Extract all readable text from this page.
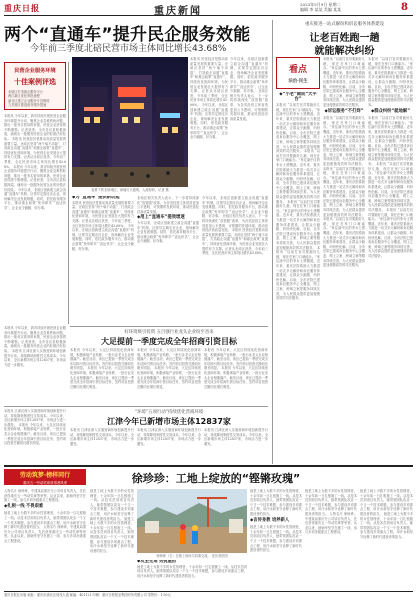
重庆日报	重庆新闻
2023年5月9日 星期二
编辑 李 某某 美编 某某	8
两个“直通车”提升民企服务效能
今年前三季度北碚民营市场主体同比增长43.68%
民营企业服务环境
十佳案例评选
北碚区打造惠企服务平台
两江新区优化审批流程
渝北区建立企业服务专员制度
九龙坡区推进政务服务提速
本报讯 今年以来，我市持续开展民营企业服务环境提升行动，聚焦企业急难愁盼问题，推出一批务实管用的举措，民营企业获得感不断增强。记者获悉，全市各区县积极探索，涌现出一批服务民营企业的好做法好经验。 本报讯 民营经济是推动高质量发展的重要力量。北碚区坚持“两个毫不动摇”，打造政企沟通“直通车”和惠企政策“直通车”，持续优化营商环境，为民营企业发展壮大提供有力支撑。记者从北碚区获悉，今年前三季度，全区民营市场主体同比增长43.68%。 本报讯 今年以来，我市持续开展民营企业服务环境提升行动，聚焦企业急难愁盼问题，推出一批务实管用的举措，民营企业获得感不断增强。记者获悉，全市各区县积极探索，涌现出一批服务民营企业的好做法好经验。 今年以来，北碚区创新建立政企沟通“直通车”机制，区领导定期走访企业，现场解决企业发展难题。同时，依托政务服务平台，推动惠企政策“免申即享”“直达快享”，让企业少跑腿、好办事。
夜幕下的北碚城区，商铺灯火通明，人流如织。记者 摄
本报讯 民营经济是推动高质量发展的重要力量。北碚区坚持“两个毫不动摇”，打造政企沟通“直通车”和惠企政策“直通车”，持续优化营商环境，为民营企业发展壮大提供有力支撑。记者从北碚区获悉，今年前三季度，全区民营市场主体同比增长43.68%。 今年以来，北碚区创新建立政企沟通“直通车”机制，区领导定期走访企业，现场解决企业发展难题。同时，依托政务服务平台，推动惠企政策“免申即享”“直达快享”，让企业少跑腿、好办事。
今年以来，北碚区创新建立政企沟通“直通车”机制，区领导定期走访企业，现场解决企业发展难题。同时，依托政务服务平台，推动惠企政策“免申即享”“直达快享”，让企业少跑腿、好办事。 北碚区相关负责人表示，下一步将持续深化“放管服”改革，为各类经营主体营造更加公平透明、可预期的发展环境，推动民营经济高质量发展。
◆为“直通车”提供新动能
本报讯 民营经济是推动高质量发展的重要力量。北碚区坚持“两个毫不动摇”，打造政企沟通“直通车”和惠企政策“直通车”，持续优化营商环境，为民营企业发展壮大提供有力支撑。记者从北碚区获悉，今年前三季度，全区民营市场主体同比增长43.68%。 今年以来，北碚区创新建立政企沟通“直通车”机制，区领导定期走访企业，现场解决企业发展难题。同时，依托政务服务平台，推动惠企政策“免申即享”“直达快享”，让企业少跑腿、好办事。
北碚区相关负责人表示，下一步将持续深化“放管服”改革，为各类经营主体营造更加公平透明、可预期的发展环境，推动民营经济高质量发展。
◆用上“直通车”提效增速
今年以来，北碚区创新建立政企沟通“直通车”机制，区领导定期走访企业，现场解决企业发展难题。同时，依托政务服务平台，推动惠企政策“免申即享”“直达快享”，让企业少跑腿、好办事。
今年以来，北碚区创新建立政企沟通“直通车”机制，区领导定期走访企业，现场解决企业发展难题。同时，依托政务服务平台，推动惠企政策“免申即享”“直达快享”，让企业少跑腿、好办事。 北碚区相关负责人表示，下一步将持续深化“放管服”改革，为各类经营主体营造更加公平透明、可预期的发展环境，推动民营经济高质量发展。 本报讯 民营经济是推动高质量发展的重要力量。北碚区坚持“两个毫不动摇”，打造政企沟通“直通车”和惠企政策“直通车”，持续优化营商环境，为民营企业发展壮大提供有力支撑。记者从北碚区获悉，今年前三季度，全区民营市场主体同比增长43.68%。
好环境吸引投资 五百强行业龙头企业纷至沓来
大足提前一季度完成全年招商引资目标
本报讯 今年以来，大足区持续优化营商环境，积极承接产业转移，一批行业龙头企业相继落户。截至目前，该区已提前一季度完成全年招商引资目标任务，签约项目投资总额同比增长明显。 本报讯 今年以来，大足区持续优化营商环境，积极承接产业转移，一批行业龙头企业相继落户。截至目前，该区已提前一季度完成全年招商引资目标任务，签约项目投资总额同比增长明显。
本报讯 今年以来，大足区持续优化营商环境，积极承接产业转移，一批行业龙头企业相继落户。截至目前，该区已提前一季度完成全年招商引资目标任务，签约项目投资总额同比增长明显。 本报讯 今年以来，大足区持续优化营商环境，积极承接产业转移，一批行业龙头企业相继落户。截至目前，该区已提前一季度完成全年招商引资目标任务，签约项目投资总额同比增长明显。
本报讯 今年以来，大足区持续优化营商环境，积极承接产业转移，一批行业龙头企业相继落户。截至目前，该区已提前一季度完成全年招商引资目标任务，签约项目投资总额同比增长明显。 本报讯 今年以来，大足区持续优化营商环境，积极承接产业转移，一批行业龙头企业相继落户。截至目前，该区已提前一季度完成全年招商引资目标任务，签约项目投资总额同比增长明显。
本报讯 今年以来，我市持续开展民营企业服务环境提升行动，聚焦企业急难愁盼问题，推出一批务实管用的举措，民营企业获得感不断增强。记者获悉，全市各区县积极探索，涌现出一批服务民营企业的好做法好经验。 本报讯 江津区深入实施营商环境创新提升行动，持续降低制度性交易成本。今年以来，全区新增市场主体12837家，市场活力进一步激发。
“环境”五项行动”持续优化营商环境
江津今年已新增市场主体12837家
本报讯 江津区深入实施营商环境创新提升行动，持续降低制度性交易成本。今年以来，全区新增市场主体12837家，市场活力进一步激发。
本报讯 江津区深入实施营商环境创新提升行动，持续降低制度性交易成本。今年以来，全区新增市场主体12837家，市场活力进一步激发。
本报讯 江津区深入实施营商环境创新提升行动，持续降低制度性交易成本。今年以来，全区新增市场主体12837家，市场活力进一步激发。
本报讯 江津区深入实施营商环境创新提升行动，持续降低制度性交易成本。今年以来，全区新增市场主体12837家，市场活力进一步激发。 本报讯 今年以来，大足区持续优化营商环境，积极承接产业转移，一批行业龙头企业相继落户。截至目前，该区已提前一季度完成全年招商引资目标任务，签约项目投资总额同比增长明显。
重庆推进一站式解纷和诉讼服务体系建设
让老百姓跑一趟
就能解决纠纷
看点
法治·民生
本报讯 “以前打官司要跑好几趟，现在在家门口就能办。”家住渝中区的李女士感慨道。近年来，重庆法院系统大力推进一站式多元解纷和诉讼服务体系建设，让群众少跑腿、纠纷快化解。目前，全市法院已建成诉讼服务中心全覆盖，网上立案、跨域立案等服务持续完善，为人民群众提供更加便捷高效的司法服务。
◆诉讼服务“不打烊”
本报讯 “以前打官司要跑好几趟，现在在家门口就能办。”家住渝中区的李女士感慨道。近年来，重庆法院系统大力推进一站式多元解纷和诉讼服务体系建设，让群众少跑腿、纠纷快化解。目前，全市法院已建成诉讼服务中心全覆盖，网上立案、跨域立案等服务持续完善，为人民群众提供更加便捷高效的司法服务。 本报讯 “以前打官司要跑好几趟，现在在家门口就能办。”家住渝中区的李女士感慨道。近年来，重庆法院系统大力推进一站式多元解纷和诉讼服务体系建设，让群众少跑腿、纠纷快化解。目前，全市法院已建成诉讼服务中心全覆盖，网上立案、跨域立案等服务持续完善，为人民群众提供更加便捷高效的司法服务。 本报讯 “以前打官司要跑好几趟，现在在家门口就能办。”家住渝中区的李女士感慨道。近年来，重庆法院系统大力推进一站式多元解纷和诉讼服务体系建设，让群众少跑腿、纠纷快化解。目前，全市法院已建成诉讼服务中心全覆盖，网上立案、跨域立案等服务持续完善，为人民群众提供更加便捷高效的司法服务。
本报讯 “以前打官司要跑好几趟，现在在家门口就能办。”家住渝中区的李女士感慨道。近年来，重庆法院系统大力推进一站式多元解纷和诉讼服务体系建设，让群众少跑腿、纠纷快化解。目前，全市法院已建成诉讼服务中心全覆盖，网上立案、跨域立案等服务持续完善，为人民群众提供更加便捷高效的司法服务。
◆群众纠纷“就地解”
本报讯 “以前打官司要跑好几趟，现在在家门口就能办。”家住渝中区的李女士感慨道。近年来，重庆法院系统大力推进一站式多元解纷和诉讼服务体系建设，让群众少跑腿、纠纷快化解。目前，全市法院已建成诉讼服务中心全覆盖，网上立案、跨域立案等服务持续完善，为人民群众提供更加便捷高效的司法服务。 本报讯 “以前打官司要跑好几趟，现在在家门口就能办。”家住渝中区的李女士感慨道。近年来，重庆法院系统大力推进一站式多元解纷和诉讼服务体系建设，让群众少跑腿、纠纷快化解。目前，全市法院已建成诉讼服务中心全覆盖，网上立案、跨域立案等服务持续完善，为人民群众提供更加便捷高效的司法服务。 本报讯 “以前打官司要跑好几趟，现在在家门口就能办。”家住渝中区的李女士感慨道。近年来，重庆法院系统大力推进一站式多元解纷和诉讼服务体系建设，让群众少跑腿、纠纷快化解。目前，全市法院已建成诉讼服务中心全覆盖，网上立案、跨域立案等服务持续完善，为人民群众提供更加便捷高效的司法服务。
◆“小老”做成“大平台”
本报讯 “以前打官司要跑好几趟，现在在家门口就能办。”家住渝中区的李女士感慨道。近年来，重庆法院系统大力推进一站式多元解纷和诉讼服务体系建设，让群众少跑腿、纠纷快化解。目前，全市法院已建成诉讼服务中心全覆盖，网上立案、跨域立案等服务持续完善，为人民群众提供更加便捷高效的司法服务。 本报讯 “以前打官司要跑好几趟，现在在家门口就能办。”家住渝中区的李女士感慨道。近年来，重庆法院系统大力推进一站式多元解纷和诉讼服务体系建设，让群众少跑腿、纠纷快化解。目前，全市法院已建成诉讼服务中心全覆盖，网上立案、跨域立案等服务持续完善，为人民群众提供更加便捷高效的司法服务。 本报讯 “以前打官司要跑好几趟，现在在家门口就能办。”家住渝中区的李女士感慨道。近年来，重庆法院系统大力推进一站式多元解纷和诉讼服务体系建设，让群众少跑腿、纠纷快化解。目前，全市法院已建成诉讼服务中心全覆盖，网上立案、跨域立案等服务持续完善，为人民群众提供更加便捷高效的司法服务。 本报讯 “以前打官司要跑好几趟，现在在家门口就能办。”家住渝中区的李女士感慨道。近年来，重庆法院系统大力推进一站式多元解纷和诉讼服务体系建设，让群众少跑腿、纠纷快化解。目前，全市法院已建成诉讼服务中心全覆盖，网上立案、跨域立案等服务持续完善，为人民群众提供更加便捷高效的司法服务。
劳动筑梦·榜样同行
重庆五一劳动奖章获得者风采	徐珍珍：工地上绽放的“铿锵玫瑰”
人物名片 徐珍珍，中建某局重庆分公司项目负责人，先后获得重庆五一劳动奖章等荣誉。从业以来，她始终坚守在施工一线，参与多项市级重点工程建设。
◆扎根一线 不畏艰难
她是工地上为数不多的女性管理者，十余年如一日扎根施工一线。从技术员到项目负责人，她带领团队攻克一个又一个技术难题，参与建设多项重点工程，用汗水和坚守诠释了新时代建设者的担当。 人物名片 徐珍珍，中建某局重庆分公司项目负责人，先后获得重庆五一劳动奖章等荣誉。从业以来，她始终坚守在施工一线，参与多项市级重点工程建设。
她是工地上为数不多的女性管理者，十余年如一日扎根施工一线。从技术员到项目负责人，她带领团队攻克一个又一个技术难题，参与建设多项重点工程，用汗水和坚守诠释了新时代建设者的担当。 她是工地上为数不多的女性管理者，十余年如一日扎根施工一线。从技术员到项目负责人，她带领团队攻克一个又一个技术难题，参与建设多项重点工程，用汗水和坚守诠释了新时代建设者的担当。
徐珍珍（右）在施工现场与同事交流。 受访者供图
◆攻坚克难 勇挑重担
她是工地上为数不多的女性管理者，十余年如一日扎根施工一线。从技术员到项目负责人，她带领团队攻克一个又一个技术难题，参与建设多项重点工程，用汗水和坚守诠释了新时代建设者的担当。
她是工地上为数不多的女性管理者，十余年如一日扎根施工一线。从技术员到项目负责人，她带领团队攻克一个又一个技术难题，参与建设多项重点工程，用汗水和坚守诠释了新时代建设者的担当。
◆言传身教 培养新人
她是工地上为数不多的女性管理者，十余年如一日扎根施工一线。从技术员到项目负责人，她带领团队攻克一个又一个技术难题，参与建设多项重点工程，用汗水和坚守诠释了新时代建设者的担当。
她是工地上为数不多的女性管理者，十余年如一日扎根施工一线。从技术员到项目负责人，她带领团队攻克一个又一个技术难题，参与建设多项重点工程，用汗水和坚守诠释了新时代建设者的担当。 人物名片 徐珍珍，中建某局重庆分公司项目负责人，先后获得重庆五一劳动奖章等荣誉。从业以来，她始终坚守在施工一线，参与多项市级重点工程建设。
她是工地上为数不多的女性管理者，十余年如一日扎根施工一线。从技术员到项目负责人，她带领团队攻克一个又一个技术难题，参与建设多项重点工程，用汗水和坚守诠释了新时代建设者的担当。 她是工地上为数不多的女性管理者，十余年如一日扎根施工一线。从技术员到项目负责人，她带领团队攻克一个又一个技术难题，参与建设多项重点工程，用汗水和坚守诠释了新时代建设者的担当。
重庆日报社出版 地址：重庆市渝北区同茂大道 邮编：401121 印刷：重庆日报报业集团印务有限公司 零售价：1.50元
